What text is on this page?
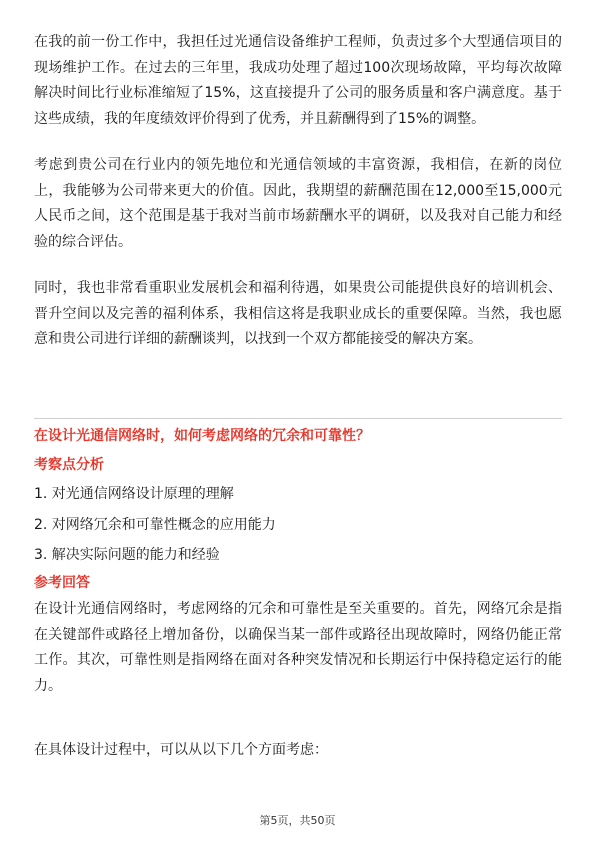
在我的前一份工作中，我担任过光通信设备维护工程师，负责过多个大型通信项目的现场维护工作。在过去的三年里，我成功处理了超过100次现场故障，平均每次故障解决时间比行业标准缩短了15%，这直接提升了公司的服务质量和客户满意度。基于这些成绩，我的年度绩效评价得到了优秀，并且薪酬得到了15%的调整。

考虑到贵公司在行业内的领先地位和光通信领域的丰富资源，我相信，在新的岗位上，我能够为公司带来更大的价值。因此，我期望的薪酬范围在12,000至15,000元人民币之间，这个范围是基于我对当前市场薪酬水平的调研，以及我对自己能力和经验的综合评估。

同时，我也非常看重职业发展机会和福利待遇，如果贵公司能提供良好的培训机会、晋升空间以及完善的福利体系，我相信这将是我职业成长的重要保障。当然，我也愿意和贵公司进行详细的薪酬谈判，以找到一个双方都能接受的解决方案。

在设计光通信网络时，如何考虑网络的冗余和可靠性？

考察点分析

1. 对光通信网络设计原理的理解
2. 对网络冗余和可靠性概念的应用能力
3. 解决实际问题的能力和经验

参考回答

在设计光通信网络时，考虑网络的冗余和可靠性是至关重要的。首先，网络冗余是指在关键部件或路径上增加备份，以确保当某一部件或路径出现故障时，网络仍能正常工作。其次，可靠性则是指网络在面对各种突发情况和长期运行中保持稳定运行的能力。

在具体设计过程中，可以从以下几个方面考虑：

第5页，共50页
